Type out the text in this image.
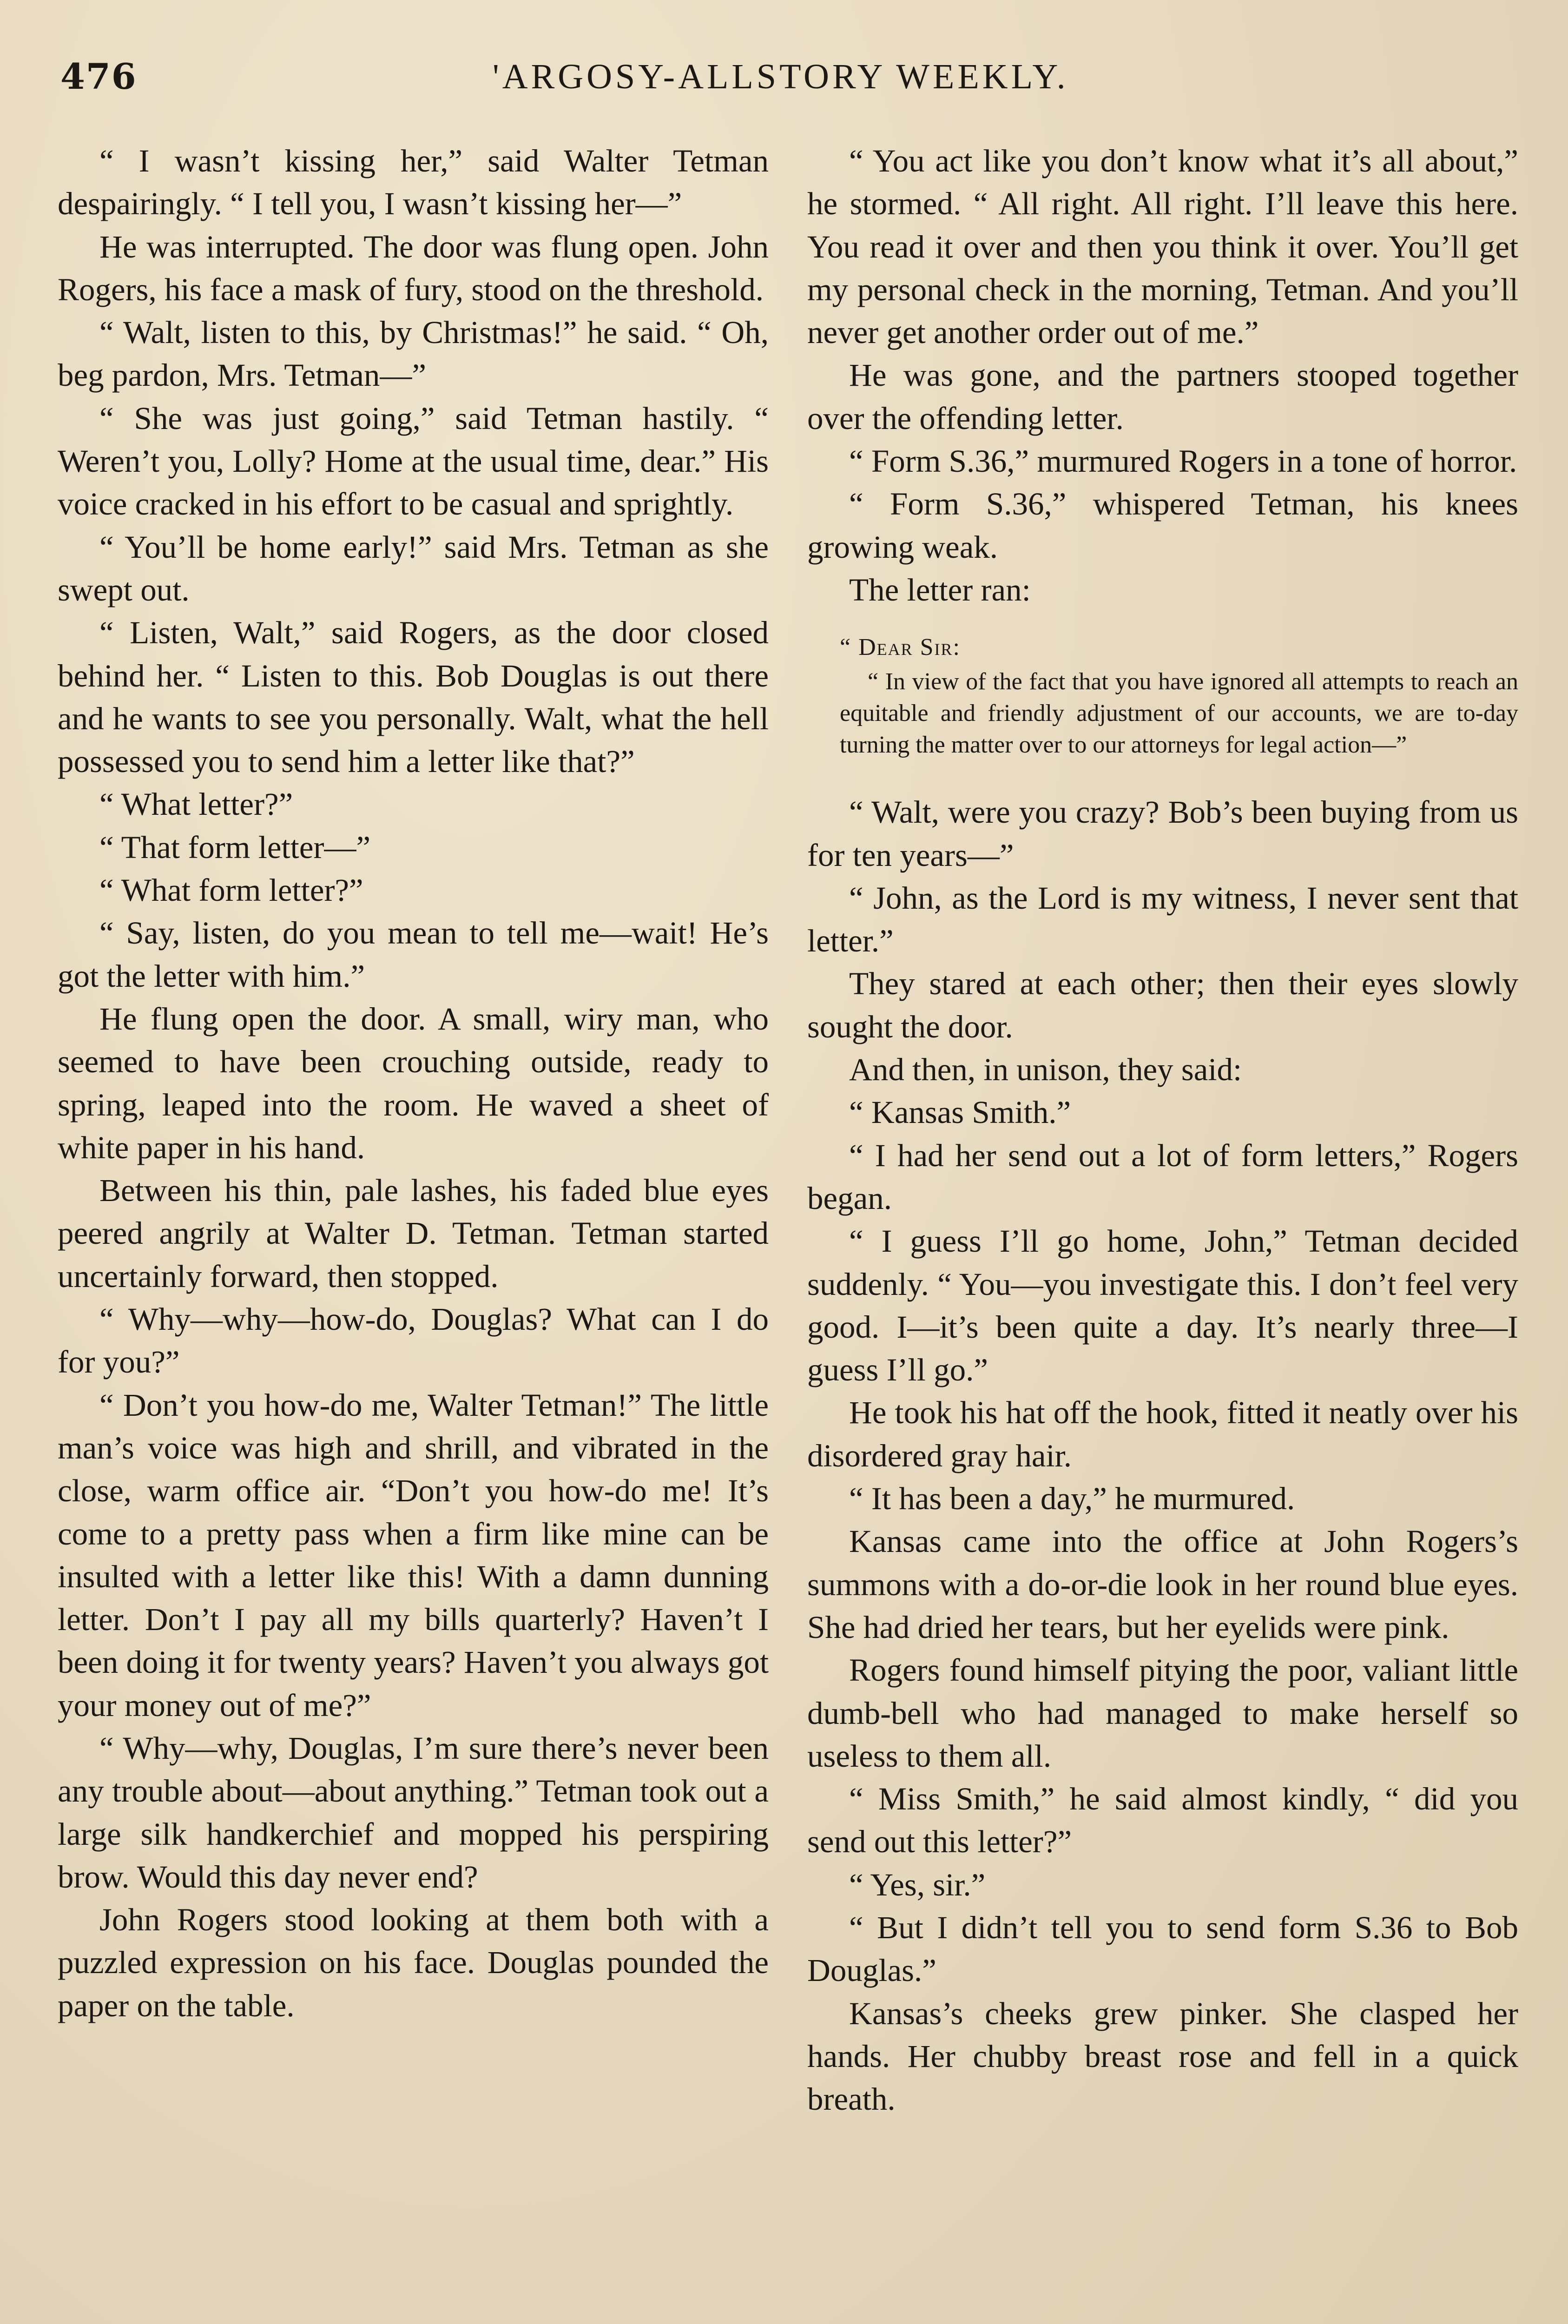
476	'ARGOSY-ALLSTORY WEEKLY.

“ I wasn’t kissing her,” said Walter Tetman despairingly. “ I tell you, I wasn’t kissing her—”

He was interrupted. The door was flung open. John Rogers, his face a mask of fury, stood on the threshold.

“ Walt, listen to this, by Christmas!” he said. “ Oh, beg pardon, Mrs. Tetman—”

“ She was just going,” said Tetman hastily. “ Weren’t you, Lolly? Home at the usual time, dear.” His voice cracked in his effort to be casual and sprightly.

“ You’ll be home early!” said Mrs. Tetman as she swept out.

“ Listen, Walt,” said Rogers, as the door closed behind her. “ Listen to this. Bob Douglas is out there and he wants to see you personally. Walt, what the hell possessed you to send him a letter like that?”

“ What letter?”

“ That form letter—”

“ What form letter?”

“ Say, listen, do you mean to tell me—wait! He’s got the letter with him.”

He flung open the door. A small, wiry man, who seemed to have been crouching outside, ready to spring, leaped into the room. He waved a sheet of white paper in his hand.

Between his thin, pale lashes, his faded blue eyes peered angrily at Walter D. Tetman. Tetman started uncertainly forward, then stopped.

“ Why—why—how-do, Douglas? What can I do for you?”

“ Don’t you how-do me, Walter Tetman!” The little man’s voice was high and shrill, and vibrated in the close, warm office air. “Don’t you how-do me! It’s come to a pretty pass when a firm like mine can be insulted with a letter like this! With a damn dunning letter. Don’t I pay all my bills quarterly? Haven’t I been doing it for twenty years? Haven’t you always got your money out of me?”

“ Why—why, Douglas, I’m sure there’s never been any trouble about—about anything.” Tetman took out a large silk handkerchief and mopped his perspiring brow. Would this day never end?

John Rogers stood looking at them both with a puzzled expression on his face. Douglas pounded the paper on the table.

“ You act like you don’t know what it’s all about,” he stormed. “ All right. All right. I’ll leave this here. You read it over and then you think it over. You’ll get my personal check in the morning, Tetman. And you’ll never get another order out of me.”

He was gone, and the partners stooped together over the offending letter.

“ Form S.36,” murmured Rogers in a tone of horror.

“ Form S.36,” whispered Tetman, his knees growing weak.

The letter ran:

“ Dear Sir:

“ In view of the fact that you have ignored all attempts to reach an equitable and friendly adjustment of our accounts, we are to-day turning the matter over to our attorneys for legal action—”

“ Walt, were you crazy? Bob’s been buying from us for ten years—”

“ John, as the Lord is my witness, I never sent that letter.”

They stared at each other; then their eyes slowly sought the door.

And then, in unison, they said:

“ Kansas Smith.”

“ I had her send out a lot of form letters,” Rogers began.

“ I guess I’ll go home, John,” Tetman decided suddenly. “ You—you investigate this. I don’t feel very good. I—it’s been quite a day. It’s nearly three—I guess I’ll go.”

He took his hat off the hook, fitted it neatly over his disordered gray hair.

“ It has been a day,” he murmured.

Kansas came into the office at John Rogers’s summons with a do-or-die look in her round blue eyes. She had dried her tears, but her eyelids were pink.

Rogers found himself pitying the poor, valiant little dumb-bell who had managed to make herself so useless to them all.

“ Miss Smith,” he said almost kindly, “ did you send out this letter?”

“ Yes, sir.”

“ But I didn’t tell you to send form S.36 to Bob Douglas.”

Kansas’s cheeks grew pinker. She clasped her hands. Her chubby breast rose and fell in a quick breath.
